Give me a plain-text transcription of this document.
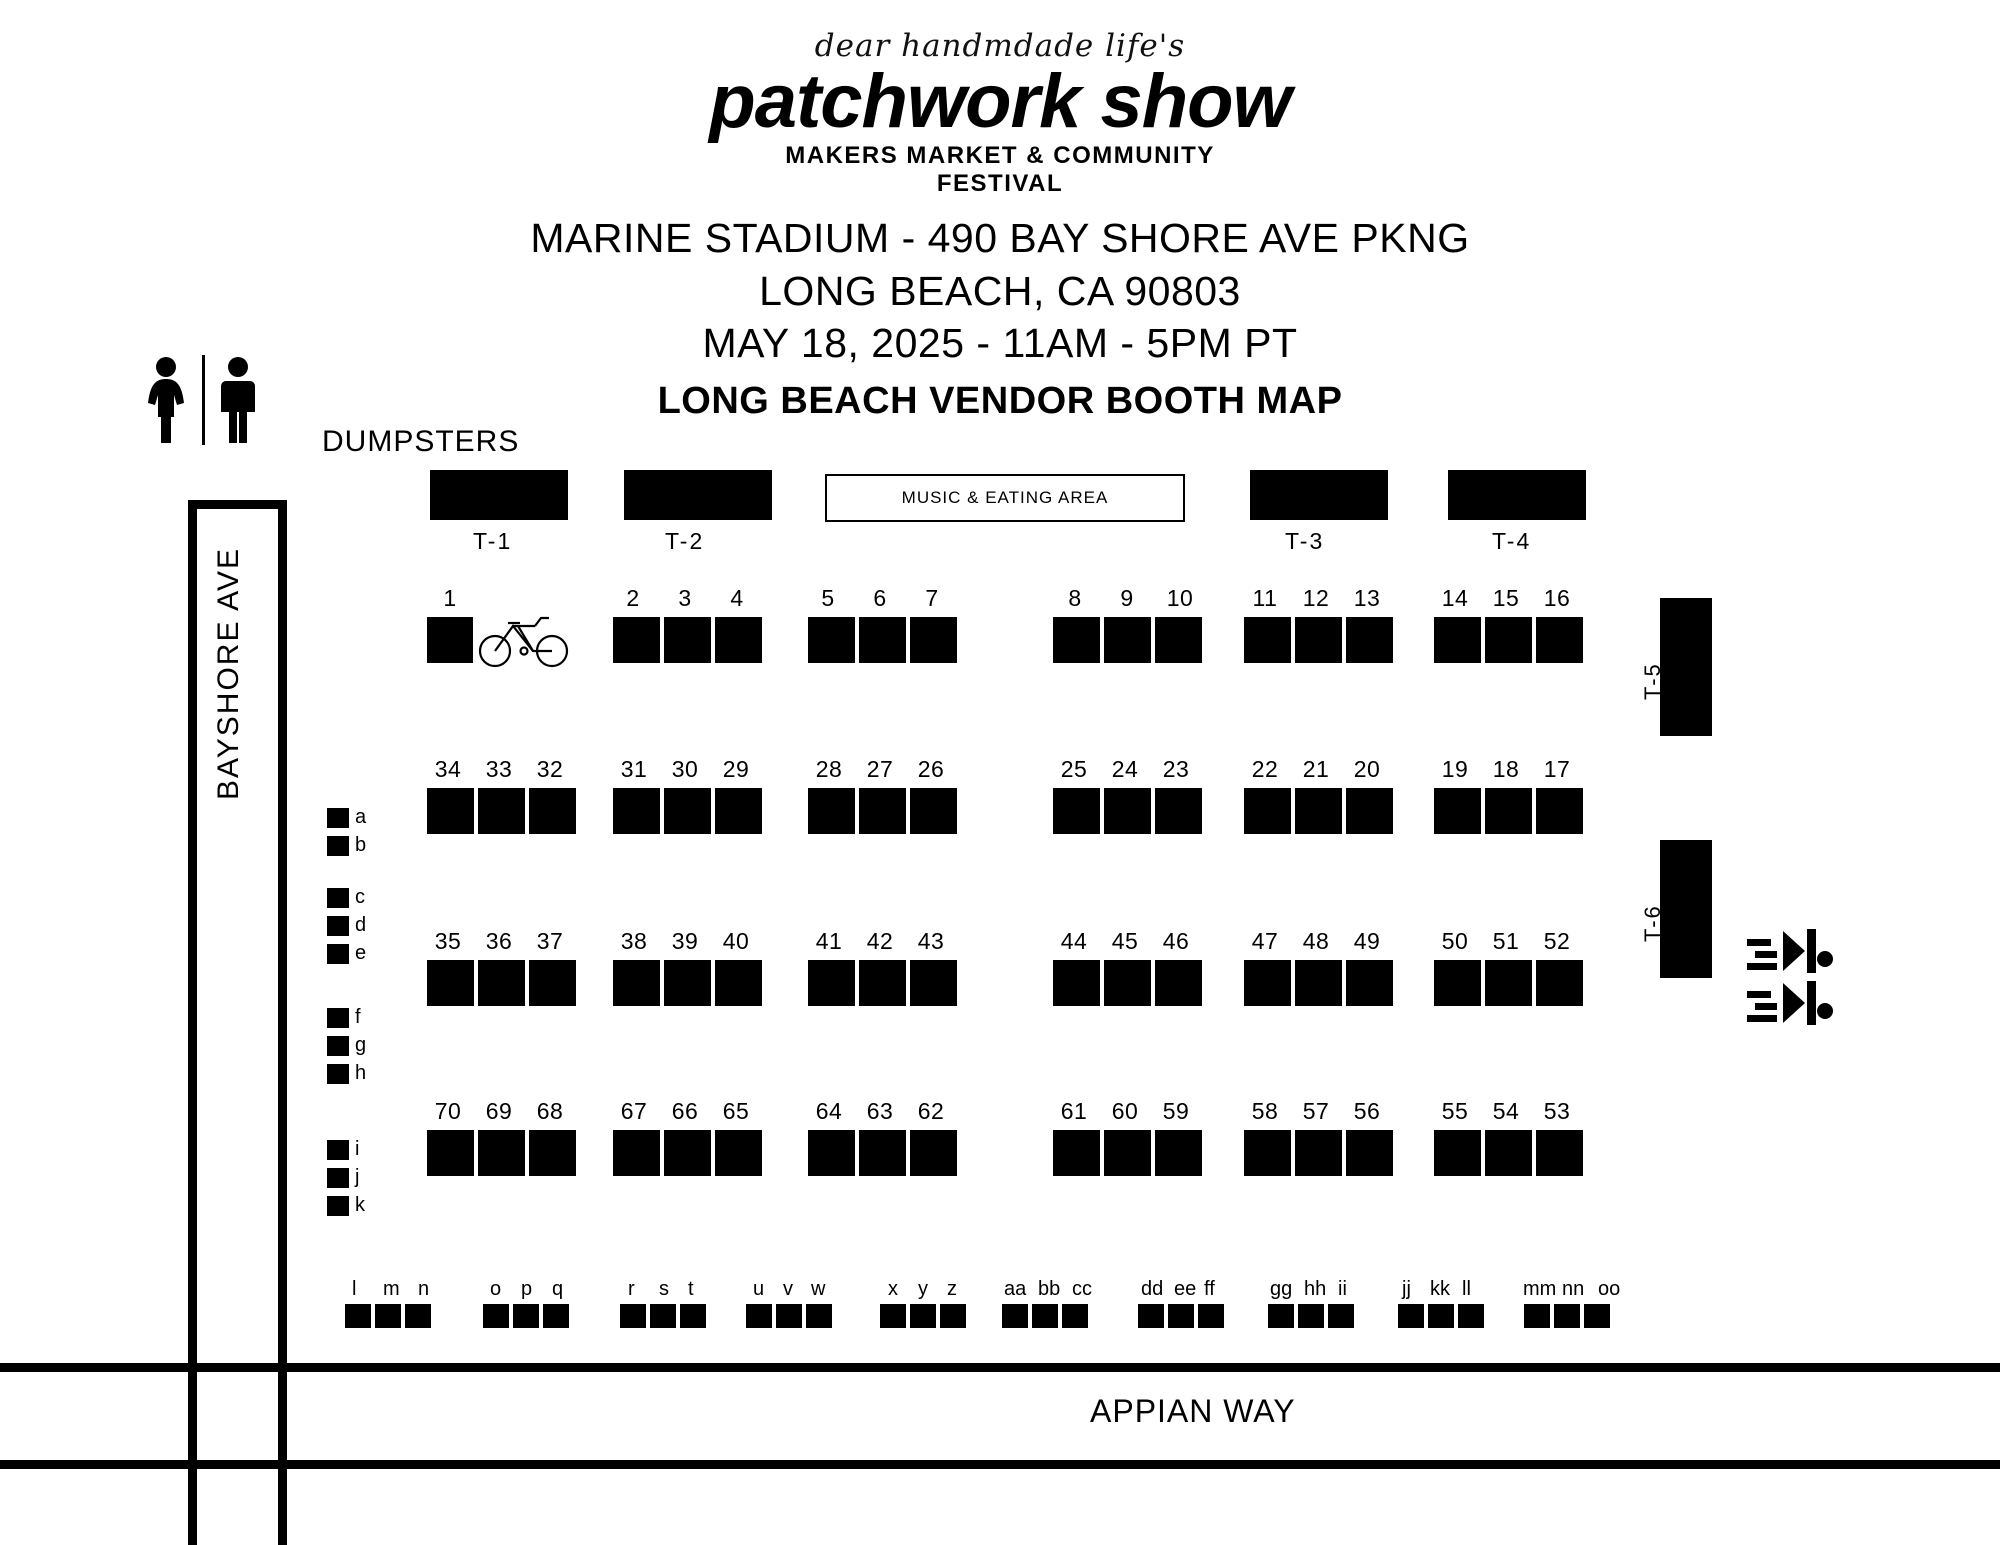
dear handmdade life's
patchwork show
MAKERS MARKET & COMMUNITY
FESTIVAL
MARINE STADIUM - 490 BAY SHORE AVE PKNG
LONG BEACH, CA 90803
MAY 18, 2025 - 11AM - 5PM PT
LONG BEACH VENDOR BOOTH MAP
DUMPSTERS
BAYSHORE AVE
APPIAN WAY
T-1	T-2
MUSIC & EATING AREA
T-3	T-4
T-5
T-6
1	2	3	4	5	6	7	8	9	10	11	12	13	14	15	16
34	33	32	31	30	29	28	27	26	25	24	23	22	21	20	19	18	17
35	36	37	38	39	40	41	42	43	44	45	46	47	48	49	50	51	52
70	69	68	67	66	65	64	63	62	61	60	59	58	57	56	55	54	53
a
b
c
d
e
f
g
h
i
j
k
l m n	o p q	r s t	u v w	x y z aa bb cc dd ee ff	gg hh ii	jj kk ll	mm nn oo
